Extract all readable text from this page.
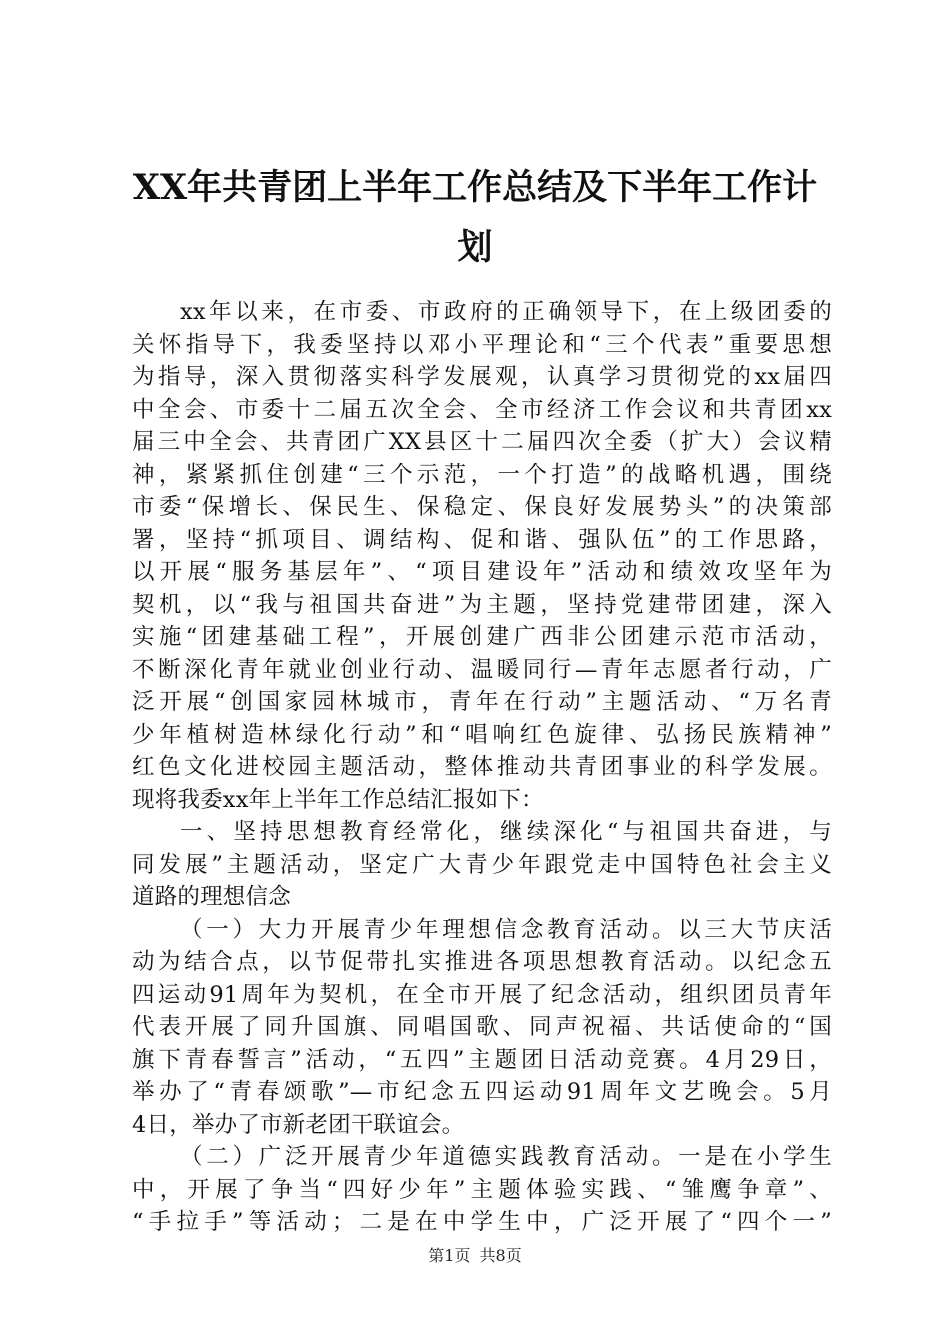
XX年共青团上半年工作总结及下半年工作计
划
xx年以来，在市委、市政府的正确领导下，在上级团委的
关怀指导下，我委坚持以邓小平理论和“三个代表”重要思想
为指导，深入贯彻落实科学发展观，认真学习贯彻党的xx届四
中全会、市委十二届五次全会、全市经济工作会议和共青团xx
届三中全会、共青团广XX县区十二届四次全委（扩大）会议精
神，紧紧抓住创建“三个示范，一个打造”的战略机遇，围绕
市委“保增长、保民生、保稳定、保良好发展势头”的决策部
署，坚持“抓项目、调结构、促和谐、强队伍”的工作思路，
以开展“服务基层年”、“项目建设年”活动和绩效攻坚年为
契机，以“我与祖国共奋进”为主题，坚持党建带团建，深入
实施“团建基础工程”，开展创建广西非公团建示范市活动，
不断深化青年就业创业行动、温暖同行—青年志愿者行动，广
泛开展“创国家园林城市，青年在行动”主题活动、“万名青
少年植树造林绿化行动”和“唱响红色旋律、弘扬民族精神”
红色文化进校园主题活动，整体推动共青团事业的科学发展。
现将我委xx年上半年工作总结汇报如下：
一、坚持思想教育经常化，继续深化“与祖国共奋进，与
同发展”主题活动，坚定广大青少年跟党走中国特色社会主义
道路的理想信念
（一）大力开展青少年理想信念教育活动。以三大节庆活
动为结合点，以节促带扎实推进各项思想教育活动。以纪念五
四运动91周年为契机，在全市开展了纪念活动，组织团员青年
代表开展了同升国旗、同唱国歌、同声祝福、共话使命的“国
旗下青春誓言”活动，“五四”主题团日活动竞赛。4月29日，
举办了“青春颂歌”—市纪念五四运动91周年文艺晚会。5月
4日，举办了市新老团干联谊会。
（二）广泛开展青少年道德实践教育活动。一是在小学生
中，开展了争当“四好少年”主题体验实践、“雏鹰争章”、
“手拉手”等活动；二是在中学生中，广泛开展了“四个一”
第1页 共8页
